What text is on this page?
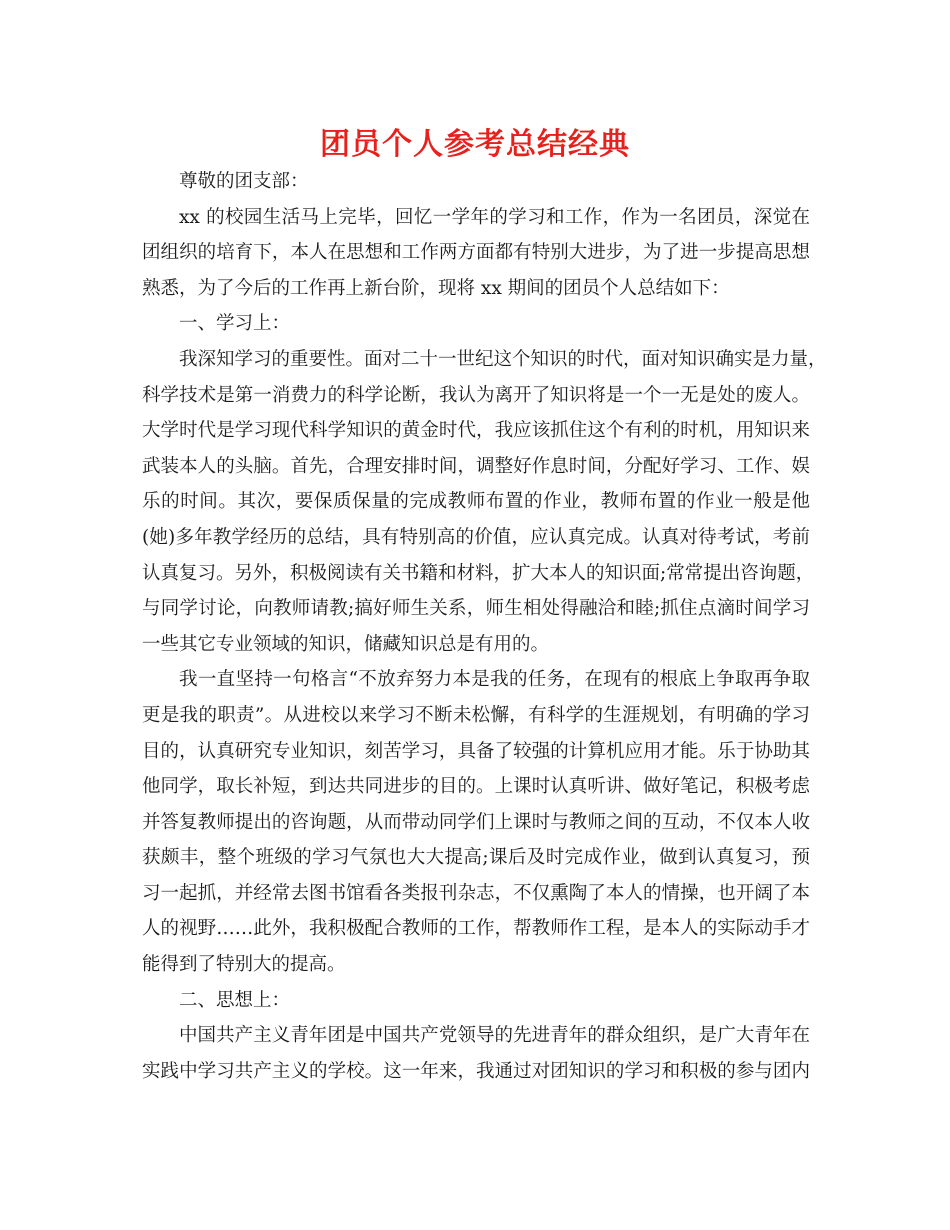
团员个人参考总结经典
尊敬的团支部：
xx 的校园生活马上完毕，回忆一学年的学习和工作，作为一名团员，深觉在
团组织的培育下，本人在思想和工作两方面都有特别大进步，为了进一步提高思想
熟悉，为了今后的工作再上新台阶，现将 xx 期间的团员个人总结如下：
一、学习上：
我深知学习的重要性。面对二十一世纪这个知识的时代，面对知识确实是力量，
科学技术是第一消费力的科学论断，我认为离开了知识将是一个一无是处的废人。
大学时代是学习现代科学知识的黄金时代，我应该抓住这个有利的时机，用知识来
武装本人的头脑。首先，合理安排时间，调整好作息时间，分配好学习、工作、娱
乐的时间。其次，要保质保量的完成教师布置的作业，教师布置的作业一般是他
(她)多年教学经历的总结，具有特别高的价值，应认真完成。认真对待考试，考前
认真复习。另外，积极阅读有关书籍和材料，扩大本人的知识面;常常提出咨询题，
与同学讨论，向教师请教;搞好师生关系，师生相处得融洽和睦;抓住点滴时间学习
一些其它专业领域的知识，储藏知识总是有用的。
我一直坚持一句格言“不放弃努力本是我的任务，在现有的根底上争取再争取
更是我的职责”。从进校以来学习不断未松懈，有科学的生涯规划，有明确的学习
目的，认真研究专业知识，刻苦学习，具备了较强的计算机应用才能。乐于协助其
他同学，取长补短，到达共同进步的目的。上课时认真听讲、做好笔记，积极考虑
并答复教师提出的咨询题，从而带动同学们上课时与教师之间的互动，不仅本人收
获颇丰，整个班级的学习气氛也大大提高;课后及时完成作业，做到认真复习，预
习一起抓，并经常去图书馆看各类报刊杂志，不仅熏陶了本人的情操，也开阔了本
人的视野……此外，我积极配合教师的工作，帮教师作工程，是本人的实际动手才
能得到了特别大的提高。
二、思想上：
中国共产主义青年团是中国共产党领导的先进青年的群众组织，是广大青年在
实践中学习共产主义的学校。这一年来，我通过对团知识的学习和积极的参与团内
